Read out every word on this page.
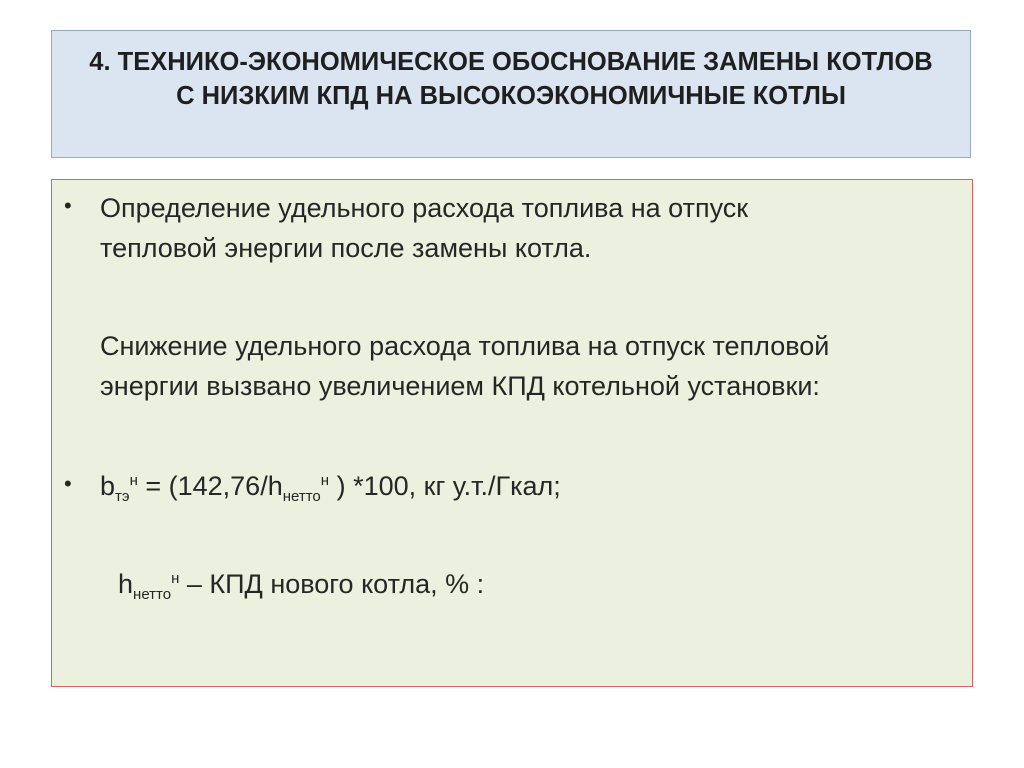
4. ТЕХНИКО-ЭКОНОМИЧЕСКОЕ ОБОСНОВАНИЕ ЗАМЕНЫ КОТЛОВ
С НИЗКИМ КПД НА ВЫСОКОЭКОНОМИЧНЫЕ КОТЛЫ
• Определение удельного расхода топлива на отпуск
тепловой энергии после замены котла.
Снижение удельного расхода топлива на отпуск тепловой
энергии вызвано увеличением КПД котельной установки:
• $b_{тэ}^н = (142,76/h_{нетто}^н$ ) *100, кг у.т./Гкал;
$h_{нетто}^н$ – КПД нового котла, % :
